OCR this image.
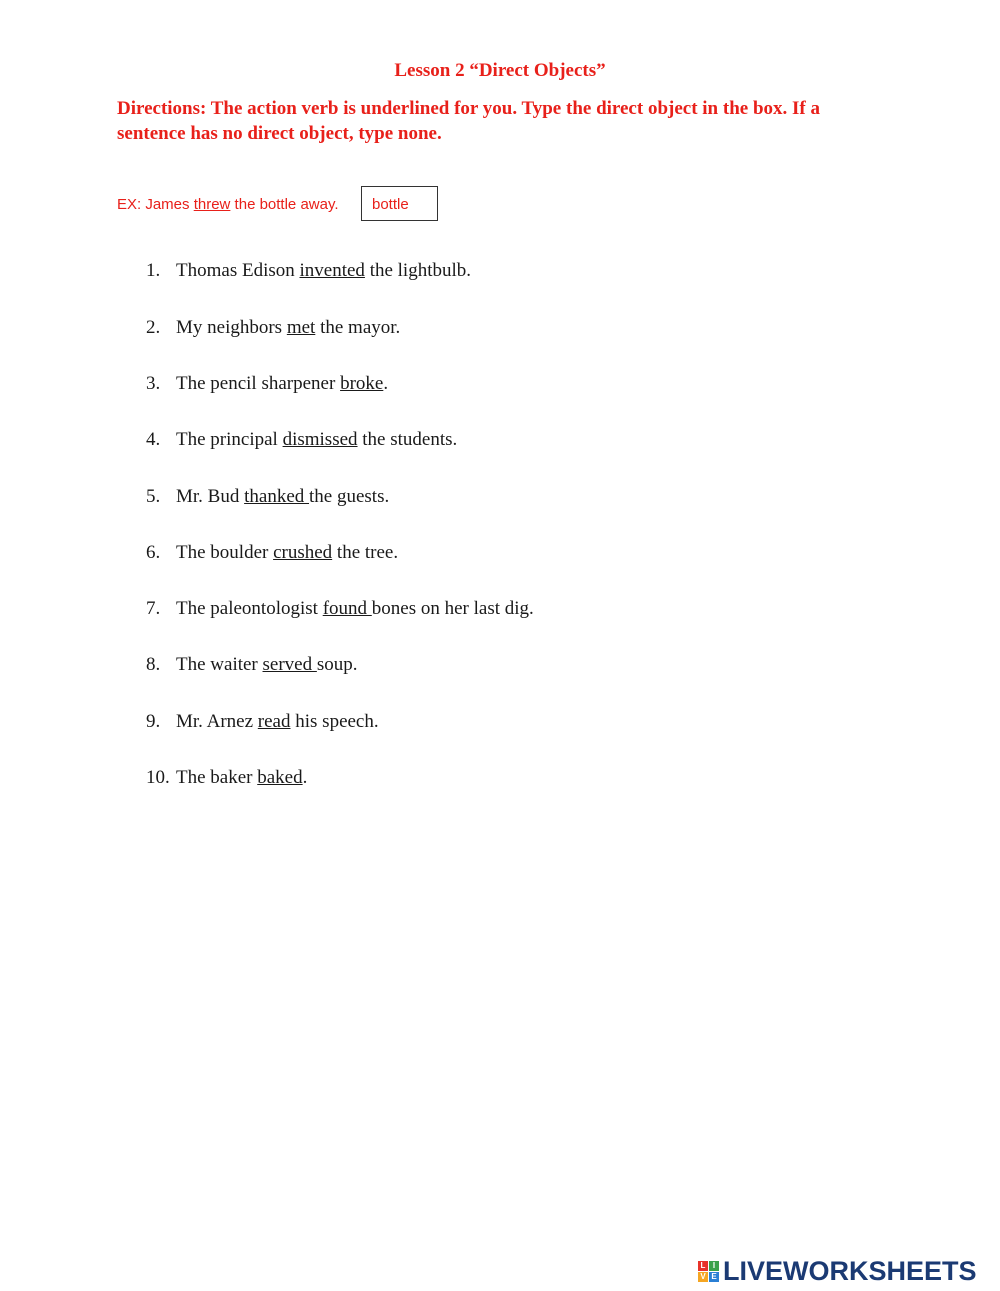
Lesson 2 “Direct Objects”
Directions: The action verb is underlined for you. Type the direct object in the box. If a sentence has no direct object, type none.
EX: James threw the bottle away.	bottle
1. Thomas Edison invented the lightbulb.
2. My neighbors met the mayor.
3. The pencil sharpener broke.
4. The principal dismissed the students.
5. Mr. Bud thanked the guests.
6. The boulder crushed the tree.
7. The paleontologist found bones on her last dig.
8. The waiter served soup.
9. Mr. Arnez read his speech.
10. The baker baked.
L I
V E LIVEWORKSHEETS
